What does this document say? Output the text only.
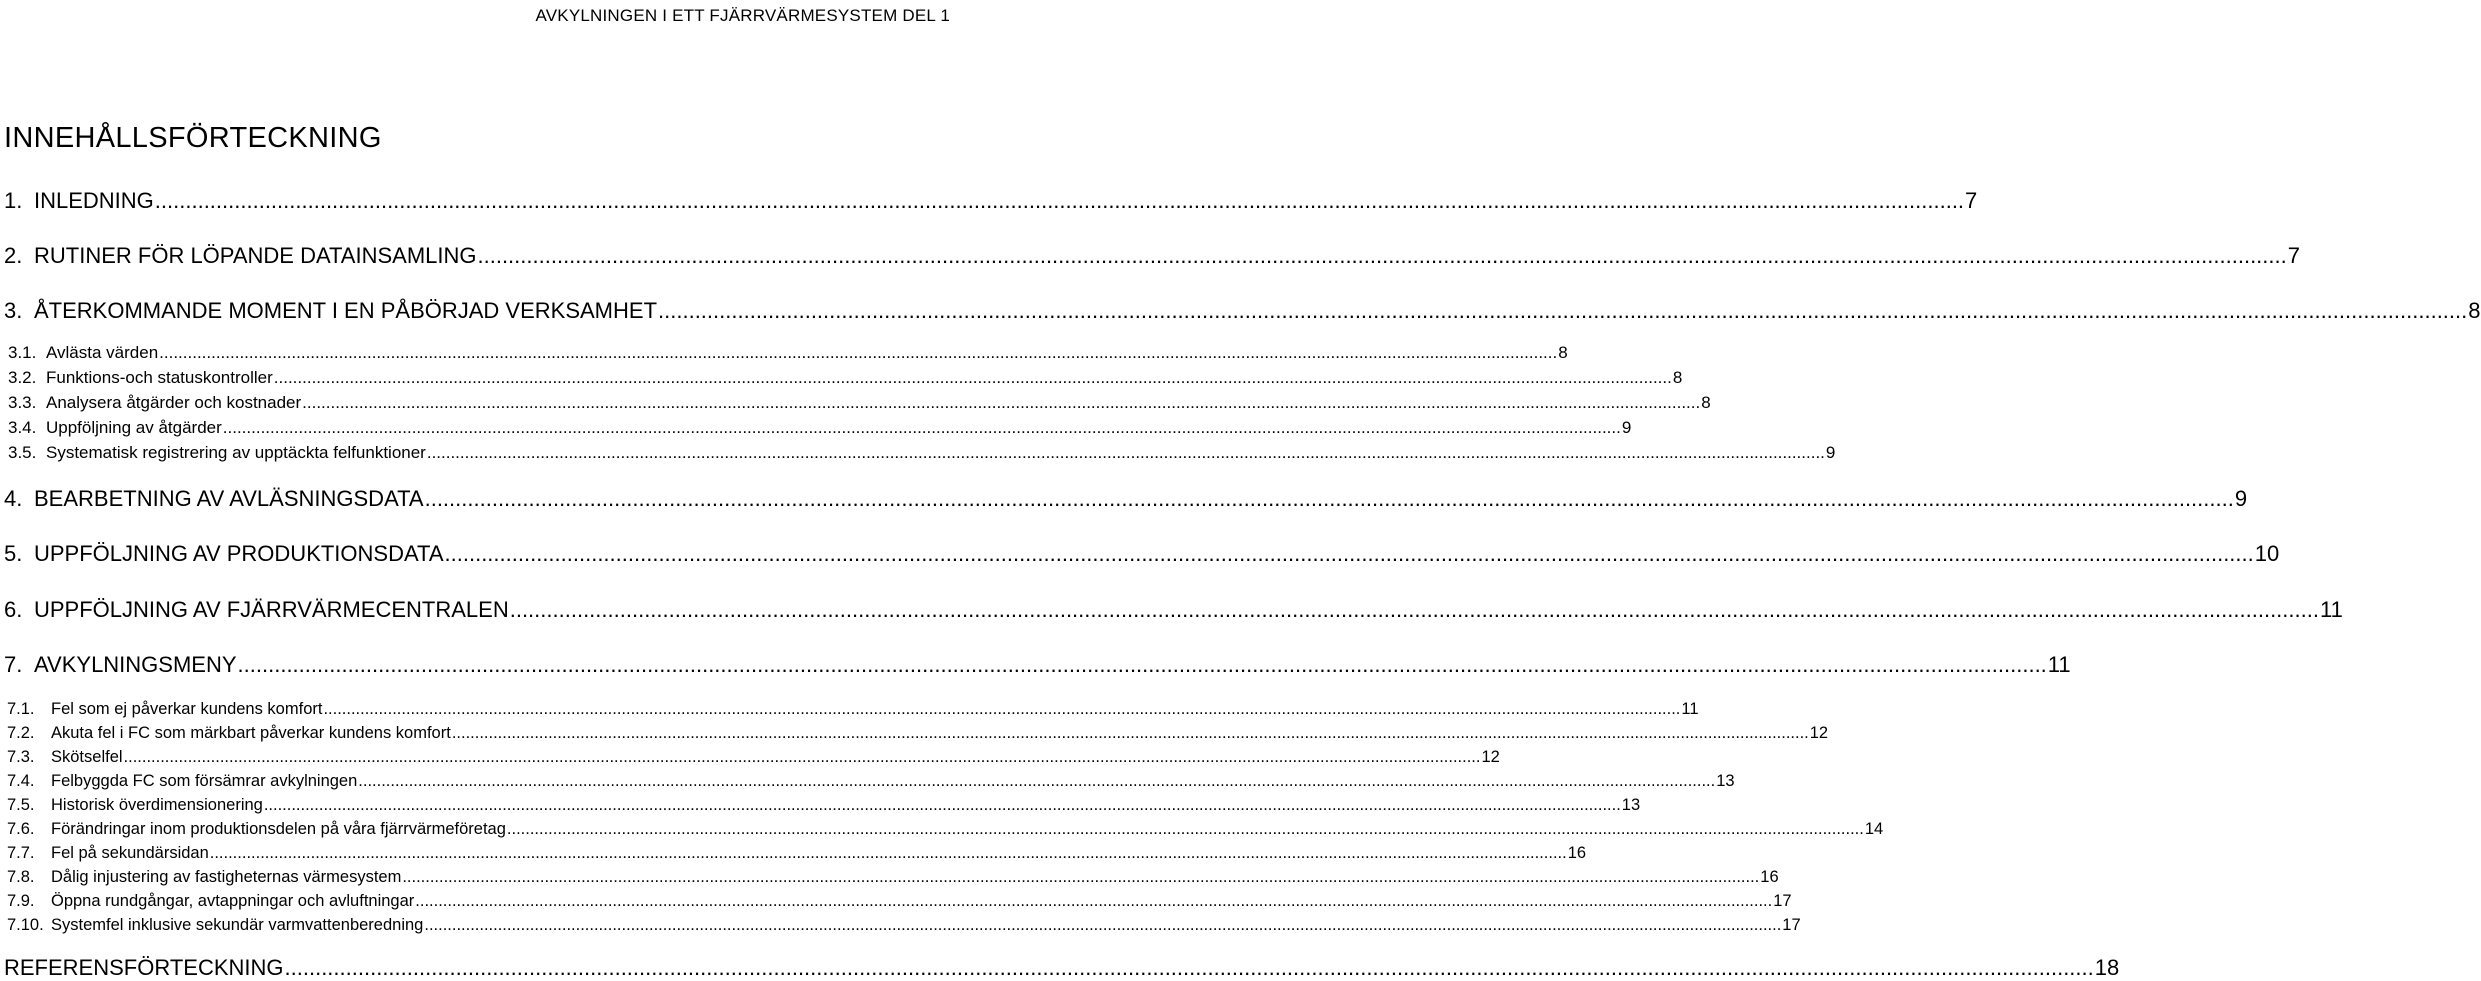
AVKYLNINGEN I ETT FJÄRRVÄRMESYSTEM DEL 1
INNEHÅLLSFÖRTECKNING
1. INLEDNING .....	7
2. RUTINER FÖR LÖPANDE DATAINSAMLING .....	7
3. ÅTERKOMMANDE MOMENT I EN PÅBÖRJAD VERKSAMHET .....	8
3.1. Avlästa värden .....	8
3.2. Funktions-och statuskontroller .....	8
3.3. Analysera åtgärder och kostnader .....	8
3.4. Uppföljning av åtgärder .....	9
3.5. Systematisk registrering av upptäckta felfunktioner .....	9
4. BEARBETNING AV AVLÄSNINGSDATA .....	9
5. UPPFÖLJNING AV PRODUKTIONSDATA .....	10
6. UPPFÖLJNING AV FJÄRRVÄRMECENTRALEN .....	11
7. AVKYLNINGSMENY .....	11
7.1. Fel som ej påverkar kundens komfort .....	11
7.2. Akuta fel i FC som märkbart påverkar kundens komfort .....	12
7.3. Skötselfel .....	12
7.4. Felbyggda FC som försämrar avkylningen .....	13
7.5. Historisk överdimensionering .....	13
7.6. Förändringar inom produktionsdelen på våra fjärrvärmeföretag .....	14
7.7. Fel på sekundärsidan .....	16
7.8. Dålig injustering av fastigheternas värmesystem .....	16
7.9. Öppna rundgångar, avtappningar och avluftningar .....	17
7.10. Systemfel inklusive sekundär varmvattenberedning .....	17
REFERENSFÖRTECKNING .....	18
